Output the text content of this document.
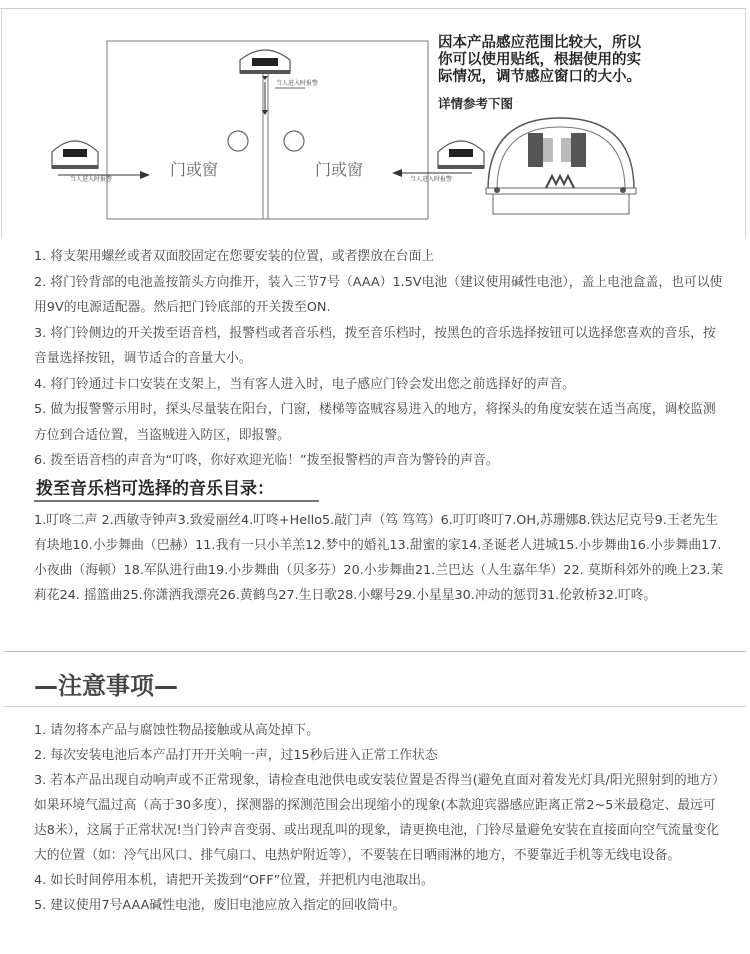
门或窗	门或窗
当人进入时报警
当人进入时报警	当人进入时报警
因本产品感应范围比较大，所以
你可以使用贴纸，根据使用的实
际情况，调节感应窗口的大小。
详情参考下图

1. 将支架用螺丝或者双面胶固定在您要安装的位置，或者摆放在台面上

2. 将门铃背部的电池盖按箭头方向推开，装入三节7号（AAA）1.5V电池（建议使用碱性电池），盖上电池盒盖，也可以使用9V的电源适配器。然后把门铃底部的开关拨至ON.

3. 将门铃侧边的开关拨至语音档，报警档或者音乐档，拨至音乐档时，按黑色的音乐选择按钮可以选择您喜欢的音乐，按音量选择按钮，调节适合的音量大小。

4. 将门铃通过卡口安装在支架上，当有客人进入时，电子感应门铃会发出您之前选择好的声音。

5. 做为报警警示用时，探头尽量装在阳台，门窗，楼梯等盗贼容易进入的地方，将探头的角度安装在适当高度，调校监测方位到合适位置，当盗贼进入防区，即报警。

6. 拨至语音档的声音为“叮咚，你好欢迎光临！”拨至报警档的声音为警铃的声音。

拨至音乐档可选择的音乐目录：
1.叮咚二声 2.西敏寺钟声3.致爱丽丝4.叮咚+Hello5.敲门声（笃 笃笃）6.叮叮咚叮7.OH,苏珊娜8.铁达尼克号9.王老先生有块地10.小步舞曲（巴赫）11.我有一只小羊羔12.梦中的婚礼13.甜蜜的家14.圣诞老人进城15.小步舞曲16.小步舞曲17.小夜曲（海顿）18.军队进行曲19.小步舞曲（贝多芬）20.小步舞曲21.兰巴达（人生嘉年华）22. 莫斯科郊外的晚上23.茉莉花24. 摇篮曲25.你潇洒我漂亮26.黄鹤鸟27.生日歌28.小螺号29.小星星30.冲动的惩罚31.伦敦桥32.叮咚。
—注意事项—

1. 请勿将本产品与腐蚀性物品接触或从高处掉下。

2. 每次安装电池后本产品打开开关响一声，过15秒后进入正常工作状态

3. 若本产品出现自动响声或不正常现象，请检查电池供电或安装位置是否得当(避免直面对着发光灯具/阳光照射到的地方）如果环境气温过高（高于30多度），探测器的探测范围会出现缩小的现象(本款迎宾器感应距离正常2~5米最稳定、最远可达8米），这属于正常状况!当门铃声音变弱、或出现乱叫的现象，请更换电池，门铃尽量避免安装在直接面向空气流量变化大的位置（如：冷气出风口、排气扇口、电热炉附近等），不要装在日晒雨淋的地方，不要靠近手机等无线电设备。

4. 如长时间停用本机，请把开关拨到“OFF”位置，并把机内电池取出。

5. 建议使用7号AAA碱性电池，废旧电池应放入指定的回收筒中。
